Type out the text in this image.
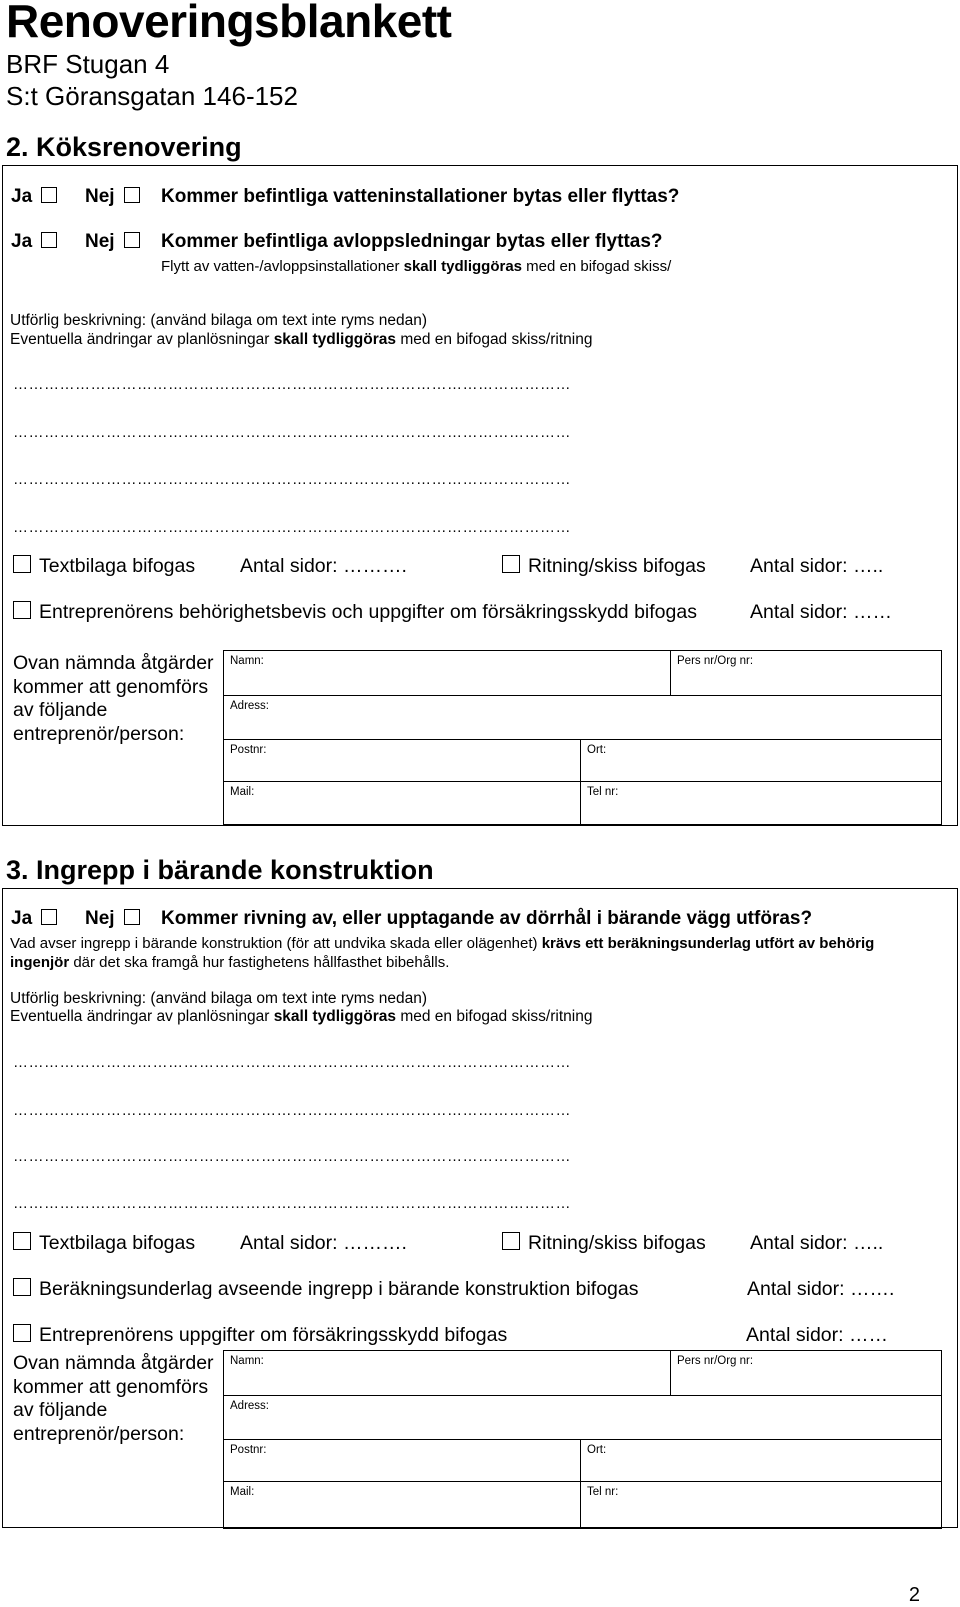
Renoveringsblankett
BRF Stugan 4
S:t Göransgatan 146-152
2. Köksrenovering
Ja	Nej	Kommer befintliga vatteninstallationer bytas eller flyttas?
Ja	Nej	Kommer befintliga avloppsledningar bytas eller flyttas?
Flytt av vatten-/avloppsinstallationer skall tydliggöras med en bifogad skiss/
Utförlig beskrivning: (använd bilaga om text inte ryms nedan)
Eventuella ändringar av planlösningar skall tydliggöras med en bifogad skiss/ritning
………………………………………………………………………………………………
………………………………………………………………………………………………
………………………………………………………………………………………………
………………………………………………………………………………………………
Textbilaga bifogas Antal sidor: ……….	Ritning/skiss bifogas Antal sidor: …..
Entreprenörens behörighetsbevis och uppgifter om försäkringsskydd bifogas	Antal sidor: ……
Ovan nämnda åtgärder kommer att genomförs av följande entreprenör/person:
Namn:		Pers nr/Org nr:
Adress:		
Postnr:	Ort:	
Mail:	Tel nr:	
3. Ingrepp i bärande konstruktion
Ja	Nej	Kommer rivning av, eller upptagande av dörrhål i bärande vägg utföras?
Vad avser ingrepp i bärande konstruktion (för att undvika skada eller olägenhet) krävs ett beräkningsunderlag utfört av behörig
ingenjör där det ska framgå hur fastighetens hållfasthet bibehålls.
Utförlig beskrivning: (använd bilaga om text inte ryms nedan)
Eventuella ändringar av planlösningar skall tydliggöras med en bifogad skiss/ritning
………………………………………………………………………………………………
………………………………………………………………………………………………
………………………………………………………………………………………………
………………………………………………………………………………………………
Textbilaga bifogas Antal sidor: ……….	Ritning/skiss bifogas Antal sidor: …..
Beräkningsunderlag avseende ingrepp i bärande konstruktion bifogas	Antal sidor: …….
Entreprenörens uppgifter om försäkringsskydd bifogas	Antal sidor: ……
Ovan nämnda åtgärder kommer att genomförs av följande entreprenör/person:
Namn:		Pers nr/Org nr:
Adress:		
Postnr:	Ort:	
Mail:	Tel nr:	
2
